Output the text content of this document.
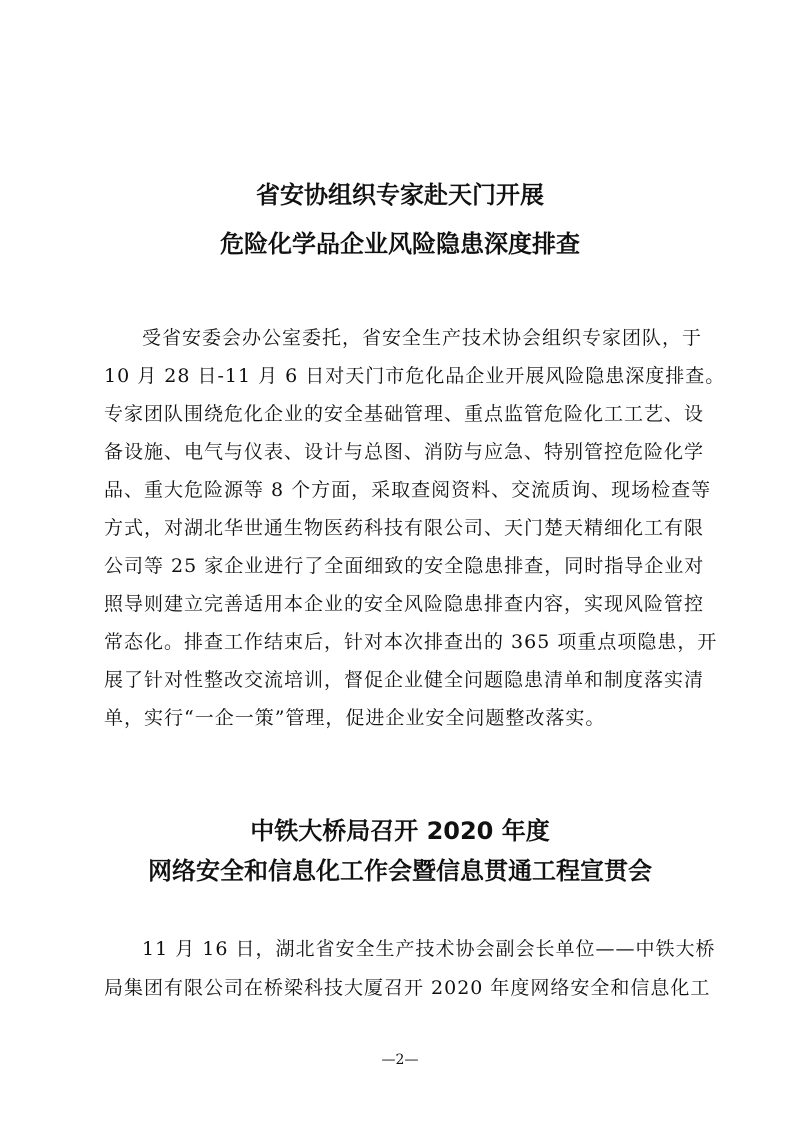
省安协组织专家赴天门开展
危险化学品企业风险隐患深度排查
受省安委会办公室委托，省安全生产技术协会组织专家团队，于
10 月 28 日-11 月 6 日对天门市危化品企业开展风险隐患深度排查。
专家团队围绕危化企业的安全基础管理、重点监管危险化工工艺、设
备设施、电气与仪表、设计与总图、消防与应急、特别管控危险化学
品、重大危险源等 8 个方面，采取查阅资料、交流质询、现场检查等
方式，对湖北华世通生物医药科技有限公司、天门楚天精细化工有限
公司等 25 家企业进行了全面细致的安全隐患排查，同时指导企业对
照导则建立完善适用本企业的安全风险隐患排查内容，实现风险管控
常态化。排查工作结束后，针对本次排查出的 365 项重点项隐患，开
展了针对性整改交流培训，督促企业健全问题隐患清单和制度落实清
单，实行“一企一策”管理，促进企业安全问题整改落实。
中铁大桥局召开 2020 年度
网络安全和信息化工作会暨信息贯通工程宣贯会
11 月 16 日，湖北省安全生产技术协会副会长单位——中铁大桥
局集团有限公司在桥梁科技大厦召开 2020 年度网络安全和信息化工
—2—
